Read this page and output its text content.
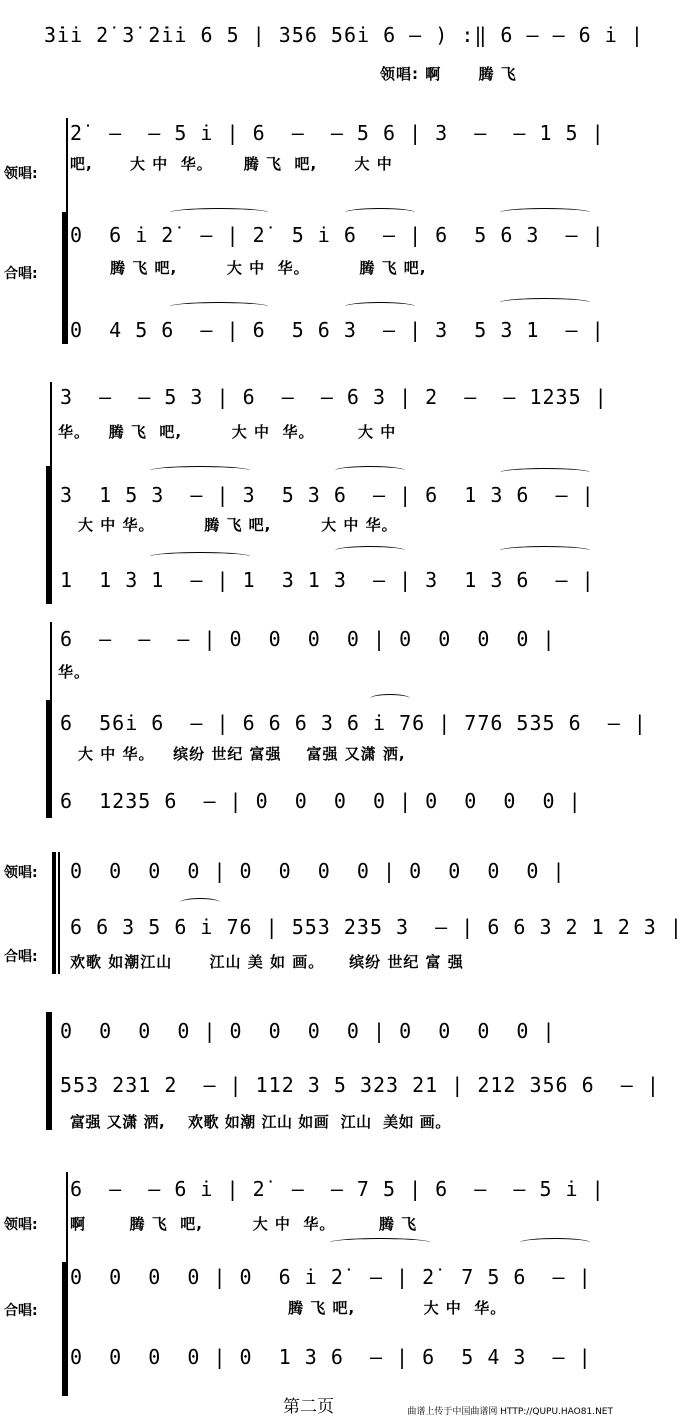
3̇i̇i̇ 2̇ 3̇ 2̇i̇i̇ 6 5 | 356 56i̇ 6 – ) :‖ 6 – – 6 i̇ |
领唱: 啊      腾 飞
领唱:
合唱:
2̇  –  – 5 i̇ | 6  –  – 5 6 | 3  –  – 1 5 |
吧,      大 中  华。     腾 飞  吧,      大 中
0  6 i̇ 2̇  – | 2̇  5 i̇ 6  – | 6  5 6 3  – |
腾 飞 吧,        大 中  华。        腾 飞 吧,
0  4 5 6  – | 6  5 6 3  – | 3  5 3 1  – |
3  –  – 5 3 | 6  –  – 6 3 | 2  –  – 1235 |
华。   腾 飞  吧,        大 中  华。       大 中
3  1 5 3  – | 3  5 3 6  – | 6  1 3 6  – |
大 中 华。        腾 飞 吧,        大 中 华。
1  1 3 1  – | 1  3 1 3  – | 3  1 3 6  – |
6  –  –  – | 0  0  0  0 | 0  0  0  0 |
华。
6  56i̇ 6  – | 6 6 6 3 6 i̇ 76 | 776 535 6  – |
大 中 华。   缤纷 世纪 富强    富强 又潇 洒,
6  1235 6  – | 0  0  0  0 | 0  0  0  0 |
领唱:
合唱:
0  0  0  0 | 0  0  0  0 | 0  0  0  0 |
6 6 3 5 6 i̇ 76 | 553 235 3  – | 6 6 3 2 1 2 3 |
欢歌 如潮江山      江山 美 如 画。    缤纷 世纪 富 强
0  0  0  0 | 0  0  0  0 | 0  0  0  0 |
553 231 2  – | 112 3 5 323 21 | 212 356 6  – |
富强 又潇 洒,    欢歌 如潮 江山 如画  江山  美如 画。
领唱:
合唱:
6  –  – 6 i̇ | 2̇  –  – 7 5 | 6  –  – 5 i̇ |
啊       腾 飞  吧,        大 中  华。       腾 飞
0  0  0  0 | 0  6 i̇ 2̇  – | 2̇  7 5 6  – |
腾 飞 吧,           大 中  华。
0  0  0  0 | 0  1 3 6  – | 6  5 4 3  – |
第二页	曲谱上传于中国曲谱网 HTTP://QUPU.HAO81.NET
